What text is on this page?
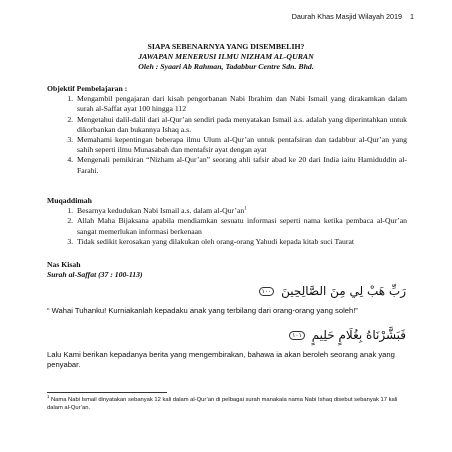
Daurah Khas Masjid Wilayah 2019 1
SIAPA SEBENARNYA YANG DISEMBELIH?
JAWAPAN MENERUSI ILMU NIZHAM AL-QURAN
Oleh : Syaari Ab Rahman, Tadabbur Centre Sdn. Bhd.
Objektif Pembelajaran :
1. Mengambil pengajaran dari kisah pengorbanan Nabi Ibrahim dan Nabi Ismail yang dirakamkan dalam surah al-Saffat ayat 100 hingga 112
2. Mengetahui dalil-dalil dari al-Qur’an sendiri pada menyatakan Ismail a.s. adalah yang diperintahkan untuk dikorbankan dan bukannya Ishaq a.s.
3. Memahami kepentingan beberapa ilmu Ulum al-Qur’an untuk pentafsiran dan tadabbur al-Qur’an yang sahih seperti ilmu Munasabah dan mentafsir ayat dengan ayat
4. Mengenali pemikiran “Nizham al-Qur’an” seorang ahli tafsir abad ke 20 dari India iaitu Hamiduddin al-Farahi.
Muqaddimah
1. Besarnya kedudukan Nabi Ismail a.s. dalam al-Qur’an$^1$
2. Allah Maha Bijaksana apabila mendiamkan sesuatu informasi seperti nama ketika pembaca al-Qur’an sangat memerlukan informasi berkenaan
3. Tidak sedikit kerosakan yang dilakukan oleh orang-orang Yahudi kepada kitab suci Taurat
Nas Kisah
Surah al-Saffat (37 : 100-113)
رَبِّ هَبْ لِي مِنَ الصَّالِحِينَ ١٠٠
“ Wahai Tuhanku! Kurniakanlah kepadaku anak yang terbilang dari orang-orang yang soleh!”
فَبَشَّرْنَاهُ بِغُلَامٍ حَلِيمٍ ١٠١
Lalu Kami berikan kepadanya berita yang mengembirakan, bahawa ia akan beroleh seorang anak yang penyabar.
$^1$ Nama Nabi Ismail dinyatakan sebanyak 12 kali dalam al-Qur’an di pelbagai surah manakala nama Nabi Ishaq disebut sebanyak 17 kali dalam al-Qur’an.
